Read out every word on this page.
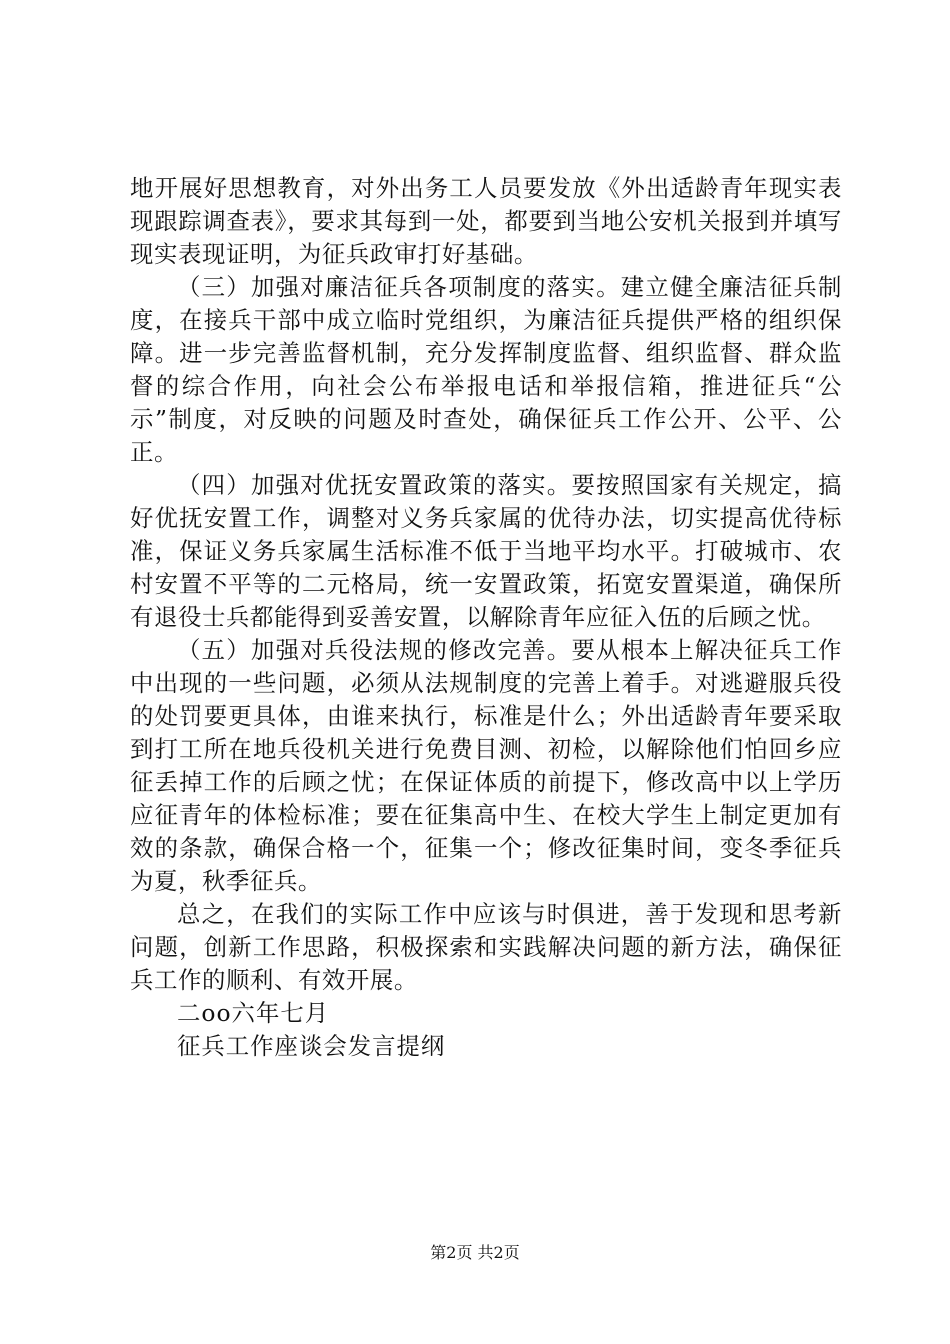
地开展好思想教育，对外出务工人员要发放《外出适龄青年现实表现跟踪调查表》，要求其每到一处，都要到当地公安机关报到并填写现实表现证明，为征兵政审打好基础。

（三）加强对廉洁征兵各项制度的落实。建立健全廉洁征兵制度，在接兵干部中成立临时党组织，为廉洁征兵提供严格的组织保障。进一步完善监督机制，充分发挥制度监督、组织监督、群众监督的综合作用，向社会公布举报电话和举报信箱，推进征兵“公示”制度，对反映的问题及时查处，确保征兵工作公开、公平、公正。

（四）加强对优抚安置政策的落实。要按照国家有关规定，搞好优抚安置工作，调整对义务兵家属的优待办法，切实提高优待标准，保证义务兵家属生活标准不低于当地平均水平。打破城市、农村安置不平等的二元格局，统一安置政策，拓宽安置渠道，确保所有退役士兵都能得到妥善安置，以解除青年应征入伍的后顾之忧。

（五）加强对兵役法规的修改完善。要从根本上解决征兵工作中出现的一些问题，必须从法规制度的完善上着手。对逃避服兵役的处罚要更具体，由谁来执行，标准是什么；外出适龄青年要采取到打工所在地兵役机关进行免费目测、初检，以解除他们怕回乡应征丢掉工作的后顾之忧；在保证体质的前提下，修改高中以上学历应征青年的体检标准；要在征集高中生、在校大学生上制定更加有效的条款，确保合格一个，征集一个；修改征集时间，变冬季征兵为夏，秋季征兵。

总之，在我们的实际工作中应该与时俱进，善于发现和思考新问题，创新工作思路，积极探索和实践解决问题的新方法，确保征兵工作的顺利、有效开展。

二oo六年七月

征兵工作座谈会发言提纲

第2页 共2页
